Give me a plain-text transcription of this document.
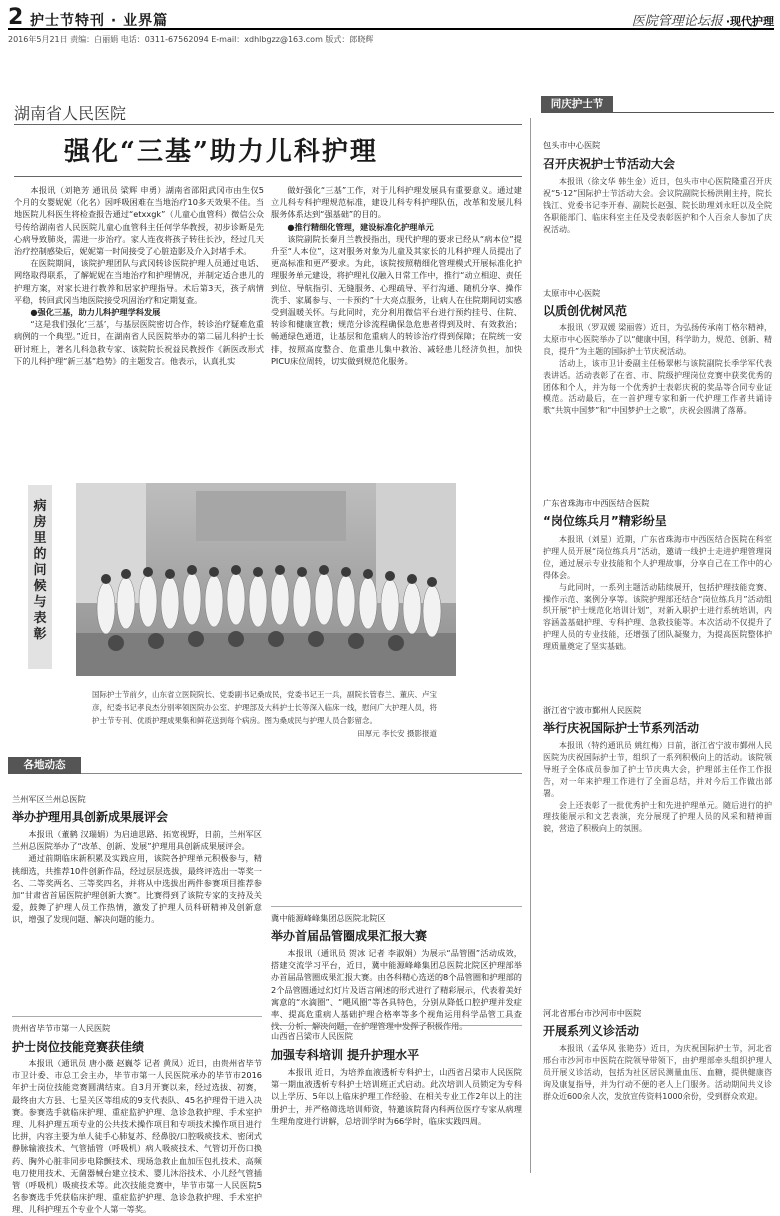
2 护士节特刊 · 业界篇	医院管理论坛报 ·现代护理
2016年5月21日 责编：白丽娟 电话：0311-67562094 E-mail：xdhlbgzz@163.com 版式：郎晓辉
湖南省人民医院
强化“三基”助力儿科护理

本报讯（刘艳芳 通讯员 梁辉 申勇）湖南省邵阳武冈市由生仅5个月的女婴妮妮（化名）因呼吸困难在当地治疗10多天效果不佳。当地医院儿科医生将检查报告通过“etxxgk”（儿童心血管科）微信公众号传给湖南省人民医院儿童心血管科主任何学华教授，初步诊断是先心病导致肺炎，需进一步治疗。家人连夜将孩子转往长沙，经过几天治疗控制感染后，妮妮第一时间接受了心脏造影及介入封堵手术。

在医院期间，该院护理团队与武冈转诊医院护理人员通过电话、网络取得联系，了解妮妮在当地治疗和护理情况，并制定适合患儿的护理方案，对家长进行教养和居家护理指导。术后第3天，孩子病情平稳，转回武冈当地医院接受巩固治疗和定期复查。

●强化三基，助力儿科护理学科发展

“这是我们强化‘三基’，与基层医院密切合作，转诊治疗疑难危重病例的一个典型。”近日，在湖南省人民医院举办的第二届儿科护士长研讨班上，著名儿科急救专家、该院院长祝益民教授作《新医改形式下的儿科护理“新三基”趋势》的主题发言。他表示，认真扎实

做好强化“三基”工作，对于儿科护理发展具有重要意义。通过建立儿科专科护理规范标准，建设儿科专科护理队伍，改革和发展儿科服务体系达到“强基础”的目的。

●推行精细化管理，建设标准化护理单元

该院副院长秦月兰教授指出，现代护理的要求已经从“病本位”提升至“人本位”，这对服务对象为儿童及其家长的儿科护理人员提出了更高标准和更严要求。为此，该院按照精细化管理模式开展标准化护理服务单元建设，将护理礼仪融入日常工作中，推行“动立相迎、责任到位、导航指引、无缝服务、心理疏导、平行沟通、随机分享、操作洗手、家属参与、一卡预约”十大亮点服务，让病人在住院期间切实感受到温暖关怀。与此同时，充分利用微信平台进行预约挂号、住院、转诊和健康宣教；规范分诊流程确保急危患者得到及时、有效救治；畅通绿色通道，让基层和危重病人的转诊治疗得到保障；在院统一安排，按照高度整合、危重患儿集中救治、减轻患儿经济负担，加快PICU床位周转，切实做到规范化服务。

病房里的问候与表彰
国际护士节前夕，山东省立医院院长、党委副书记桑成民，党委书记王一兵，副院长管春兰、董庆、卢宝彦，纪委书记孝良杰分别率领医院办公室、护理部及大科护士长等深入临床一线，慰问广大护理人员，将护士节专刊、优质护理成果集和鲜花送到每个病房。图为桑成民与护理人员合影留念。
田厚元 李长安 摄影报道
各地动态
兰州军区兰州总医院
举办护理用具创新成果展评会

本报讯（董鹤 汉瑞娟）为启迪思路、拓宽视野，日前，兰州军区兰州总医院举办了“改革、创新、发展”护理用具创新成果展评会。

通过前期临床新积累及实践应用，该院各护理单元积极参与，精挑细选，共推荐10件创新作品，经过层层选拔，最终评选出一等奖一名、二等奖两名、三等奖四名，并将从中选拔出两件参赛项目推荐参加“甘肃省首届医院护理创新大赛”。比赛得到了该院专家的支持及关爱，鼓舞了护理人员工作热情，激发了护理人员科研精神及创新意识，增强了发现问题、解决问题的能力。

贵州省毕节市第一人民医院
护士岗位技能竞赛获佳绩

本报讯（通讯员 唐小薇 赵巍苓 记者 黄凤）近日，由贵州省毕节市卫计委、市总工会主办，毕节市第一人民医院承办的毕节市2016年护士岗位技能竞赛圆满结束。自3月开赛以来，经过选拔、初赛，最终由大方县、七星关区等组成的9支代表队、45名护理骨干进入决赛。参赛选手就临床护理、重症监护护理、急诊急救护理、手术室护理、儿科护理五项专业的公共技术操作项目和专项技术操作项目进行比拼，内容主要为单人徒手心肺复苏、经鼻胶/口腔吸痰技术、密闭式静脉输液技术、气管插管（呼吸机）病人吸痰技术、气管切开伤口换药、胸外心脏非同步电除颤技术、现场急救止血加压包扎技术、高频电刀使用技术、无菌器械台建立技术、婴儿沐浴技术、小儿经气管插管（呼吸机）吸痰技术等。此次技能竞赛中，毕节市第一人民医院5名参赛选手凭获临床护理、重症监护护理、急诊急救护理、手术室护理、儿科护理五个专业个人第一等奖。

冀中能源峰峰集团总医院北院区
举办首届品管圈成果汇报大赛

本报讯（通讯员 贺冰 记者 李淑娟）为展示“品管圈”活动成效，搭建交流学习平台，近日，冀中能源峰峰集团总医院北院区护理部举办首届品管圈成果汇报大赛。由各科精心选送的8个品管圈和护理部的2个品管圈通过幻灯片及语言阐述的形式进行了精彩展示，代表着美好寓意的“水滴圈”、“飓风圈”等各具特色，分别从降低口腔护理并发症率、提高危重病人基础护理合格率等多个视角运用科学品管工具查找、分析、解决问题，在护理管理中发挥了积极作用。

山西省吕梁市人民医院
加强专科培训 提升护理水平

本报讯 近日，为培养血液透析专科护士，山西省吕梁市人民医院第一期血液透析专科护士培训班正式启动。此次培训人员锁定为专科以上学历、5年以上临床护理工作经验、在相关专业工作2年以上的注册护士，并严格筛选培训师资，特邀该院肾内科两位医疗专家从病理生理角度进行讲解，总培训学时为66学时，临床实践四周。

同庆护士节
包头市中心医院
召开庆祝护士节活动大会

本报讯（徐文华 韩生金）近日，包头市中心医院隆重召开庆祝“5·12”国际护士节活动大会。会议院副院长杨洪刚主持，院长钱江、党委书记李开春、副院长赵强、院长助理刘永旺以及全院各职能部门、临床科室主任及受表彰医护和个人百余人参加了庆祝活动。

太原市中心医院
以质创优树风范

本报讯（罗双媛 梁丽蓉）近日，为弘扬传承南丁格尔精神，太原市中心医院举办了以“健康中国，科学助力，规范、创新、精良，提升”为主题的国际护士节庆祝活动。

活动上，该市卫计委副主任杨翠彬与该院副院长季学军代表表讲话。活动表彰了在省、市、院级护理岗位竞赛中获奖优秀的团体和个人，并为每一个优秀护士表彰庆祝的奖品等合同专业证模范。活动最后，在一首护理专家和新一代护理工作者共诵诗歌“共筑中国梦”和“中国梦护士之歌”，庆祝会圆满了落幕。

广东省珠海市中西医结合医院
“岗位练兵月”精彩纷呈

本报讯（刘星）近期，广东省珠海市中西医结合医院在科室护理人员开展“岗位练兵月”活动，邀请一线护士走进护理管理岗位，通过展示专业技能和个人护理故事，分享自己在工作中的心得体会。

与此同时，一系列主题活动陆续展开，包括护理技能竞赛、操作示范、案例分享等。该院护理部还结合“岗位练兵月”活动组织开展“护士规范化培训计划”，对新入职护士进行系统培训，内容涵盖基础护理、专科护理、急救技能等。本次活动不仅提升了护理人员的专业技能，还增强了团队凝聚力，为提高医院整体护理质量奠定了坚实基础。

浙江省宁波市鄞州人民医院
举行庆祝国际护士节系列活动

本报讯（特约通讯员 姚红梅）日前，浙江省宁波市鄞州人民医院为庆祝国际护士节，组织了一系列积极向上的活动。该院领导班子全体成员参加了护士节庆典大会，护理部主任作工作报告，对一年来护理工作进行了全面总结，并对今后工作做出部署。

会上还表彰了一批优秀护士和先进护理单元。随后进行的护理技能展示和文艺表演，充分展现了护理人员的风采和精神面貌，营造了积极向上的氛围。

河北省邢台市沙河市中医院
开展系列义诊活动

本报讯（孟华风 张艳芬）近日，为庆祝国际护士节，河北省邢台市沙河市中医院在院领导带领下，由护理部牵头组织护理人员开展义诊活动，包括为社区居民测量血压、血糖，提供健康咨询及康复指导，并为行动不便的老人上门服务。活动期间共义诊群众近600余人次，发放宣传资料1000余份，受到群众欢迎。
